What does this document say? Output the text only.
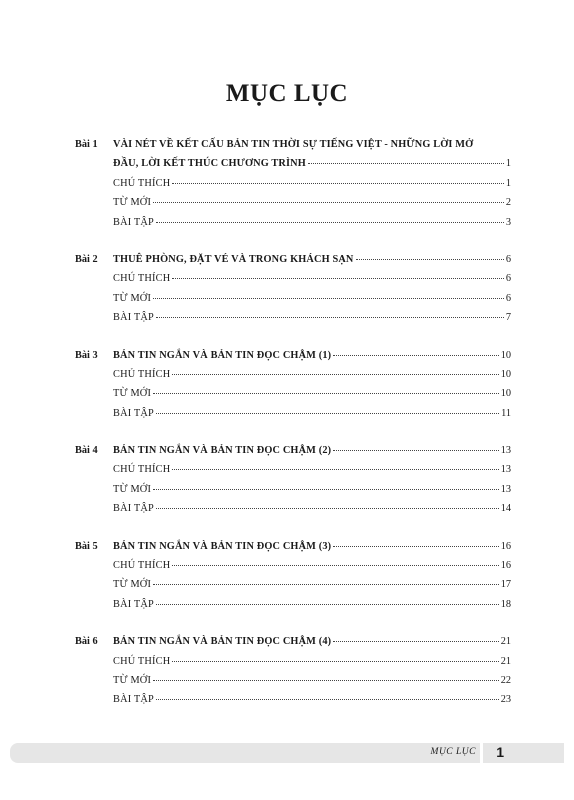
MỤC LỤC
Bài 1	VÀI NÉT VỀ KẾT CẤU BẢN TIN THỜI SỰ TIẾNG VIỆT - NHỮNG LỜI MỞ
ĐẦU, LỜI KẾT THÚC CHƯƠNG TRÌNH	1
CHÚ THÍCH	1
TỪ MỚI	2
BÀI TẬP	3
Bài 2	THUÊ PHÒNG, ĐẶT VÉ VÀ TRONG KHÁCH SẠN	6
CHÚ THÍCH	6
TỪ MỚI	6
BÀI TẬP	7
Bài 3	BẢN TIN NGẮN VÀ BẢN TIN ĐỌC CHẬM (1)	10
CHỦ THÍCH	10
TỪ MỚI	10
BÀI TẬP	11
Bài 4	BẢN TIN NGẮN VÀ BẢN TIN ĐỌC CHẬM (2)	13
CHÚ THÍCH	13
TỪ MỚI	13
BÀI TẬP	14
Bài 5	BẢN TIN NGẮN VÀ BẢN TIN ĐỌC CHẬM (3)	16
CHÚ THÍCH	16
TỪ MỚI	17
BÀI TẬP	18
Bài 6	BẢN TIN NGẮN VÀ BẢN TIN ĐỌC CHẬM (4)	21
CHÚ THÍCH	21
TỪ MỚI	22
BÀI TẬP	23
MỤC LỤC 1
